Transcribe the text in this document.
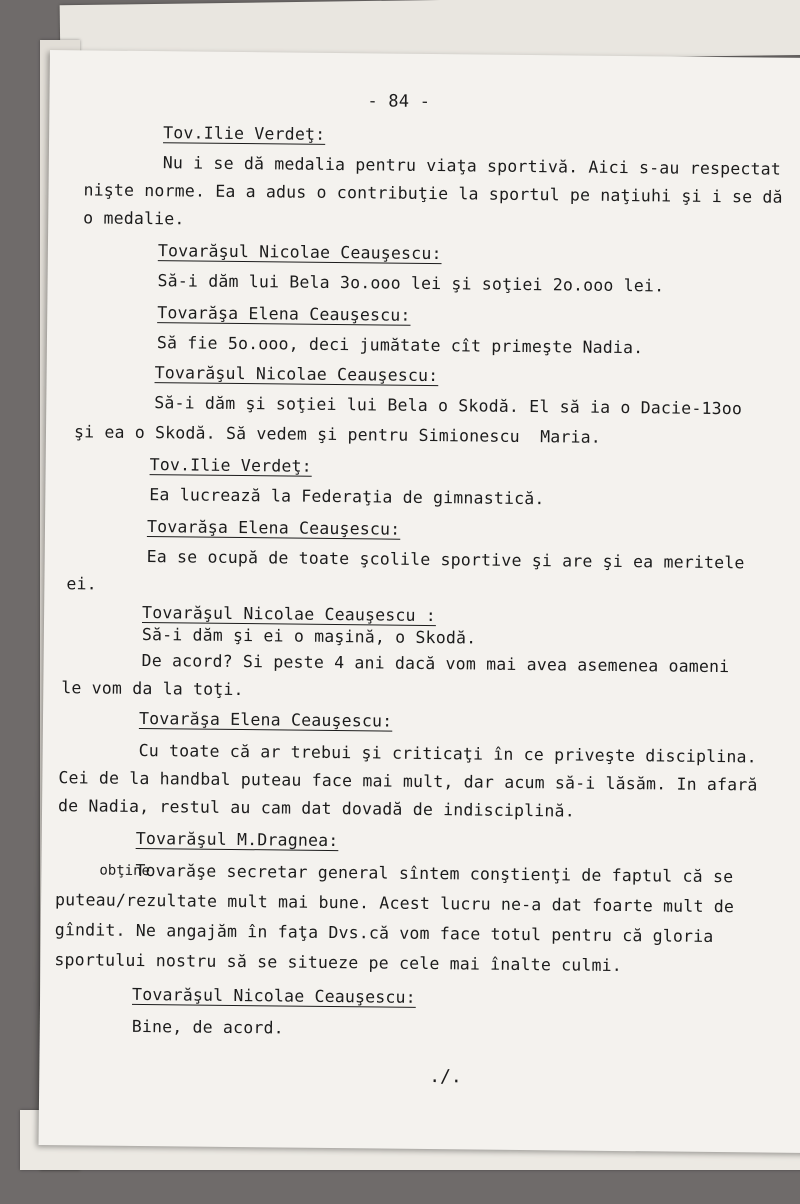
- 84 -
Tov.Ilie Verdeţ:
Nu i se dă medalia pentru viaţa sportivă. Aici s-au respectat
nişte norme. Ea a adus o contribuţie la sportul pe naţiuhi şi i se dă
o medalie.
Tovarăşul Nicolae Ceauşescu:
Să-i dăm lui Bela 3o.ooo lei şi soţiei 2o.ooo lei.
Tovarăşa Elena Ceauşescu:
Să fie 5o.ooo, deci jumătate cît primeşte Nadia.
Tovarăşul Nicolae Ceauşescu:
Să-i dăm şi soţiei lui Bela o Skodă. El să ia o Dacie-13oo
şi ea o Skodă. Să vedem şi pentru Simionescu  Maria.
Tov.Ilie Verdeţ:
Ea lucrează la Federaţia de gimnastică.
Tovarăşa Elena Ceauşescu:
Ea se ocupă de toate şcolile sportive şi are şi ea meritele
ei.
Tovarăşul Nicolae Ceauşescu :
Să-i dăm şi ei o maşină, o Skodă.
De acord? Si peste 4 ani dacă vom mai avea asemenea oameni
le vom da la toţi.
Tovarăşa Elena Ceauşescu:
Cu toate că ar trebui şi criticaţi în ce priveşte disciplina.
Cei de la handbal puteau face mai mult, dar acum să-i lăsăm. In afară
de Nadia, restul au cam dat dovadă de indisciplină.
Tovarăşul M.Dragnea:
obţine
Tovarăşe secretar general sîntem conştienţi de faptul că se
puteau/rezultate mult mai bune. Acest lucru ne-a dat foarte mult de
gîndit. Ne angajăm în faţa Dvs.că vom face totul pentru că gloria
sportului nostru să se situeze pe cele mai înalte culmi.
Tovarăşul Nicolae Ceauşescu:
Bine, de acord.
./.
